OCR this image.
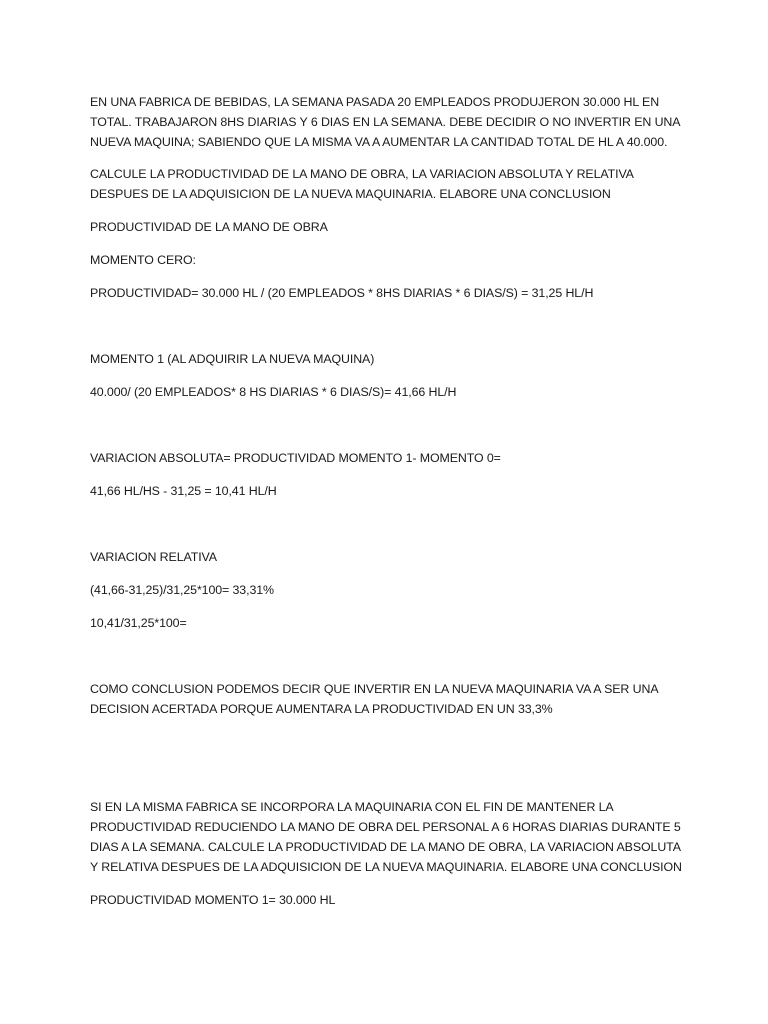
EN UNA FABRICA DE BEBIDAS, LA SEMANA PASADA 20 EMPLEADOS PRODUJERON 30.000 HL EN TOTAL. TRABAJARON 8HS DIARIAS Y 6 DIAS EN LA SEMANA. DEBE DECIDIR O NO INVERTIR EN UNA NUEVA MAQUINA; SABIENDO QUE LA MISMA VA A AUMENTAR LA CANTIDAD TOTAL DE HL A 40.000.

CALCULE LA PRODUCTIVIDAD DE LA MANO DE OBRA, LA VARIACION ABSOLUTA Y RELATIVA DESPUES DE LA ADQUISICION DE LA NUEVA MAQUINARIA. ELABORE UNA CONCLUSION

PRODUCTIVIDAD DE LA MANO DE OBRA

MOMENTO CERO:

PRODUCTIVIDAD= 30.000 HL / (20 EMPLEADOS * 8HS DIARIAS * 6 DIAS/S) = 31,25 HL/H

MOMENTO 1 (AL ADQUIRIR LA NUEVA MAQUINA)

40.000/ (20 EMPLEADOS* 8 HS DIARIAS * 6 DIAS/S)= 41,66 HL/H

VARIACION ABSOLUTA= PRODUCTIVIDAD MOMENTO 1- MOMENTO 0=

41,66 HL/HS - 31,25 = 10,41 HL/H

VARIACION RELATIVA

(41,66-31,25)/31,25*100= 33,31%

10,41/31,25*100=

COMO CONCLUSION PODEMOS DECIR QUE INVERTIR EN LA NUEVA MAQUINARIA VA A SER UNA DECISION ACERTADA PORQUE AUMENTARA LA PRODUCTIVIDAD EN UN 33,3%

SI EN LA MISMA FABRICA SE INCORPORA LA MAQUINARIA CON EL FIN DE MANTENER LA PRODUCTIVIDAD REDUCIENDO LA MANO DE OBRA DEL PERSONAL A 6 HORAS DIARIAS DURANTE 5 DIAS A LA SEMANA. CALCULE LA PRODUCTIVIDAD DE LA MANO DE OBRA, LA VARIACION ABSOLUTA Y RELATIVA DESPUES DE LA ADQUISICION DE LA NUEVA MAQUINARIA. ELABORE UNA CONCLUSION

PRODUCTIVIDAD MOMENTO 1= 30.000 HL
